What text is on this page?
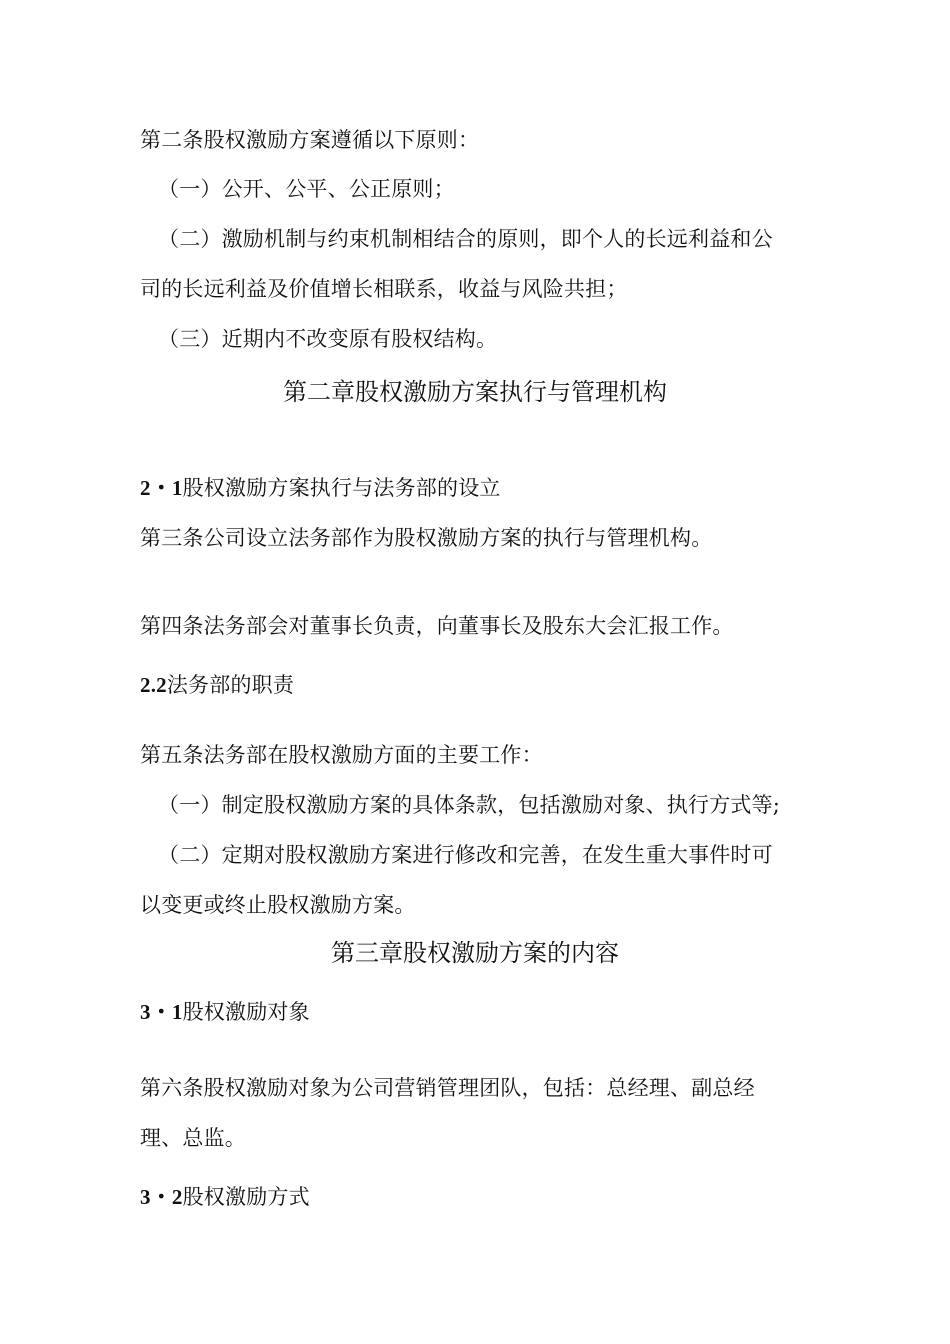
第二条股权激励方案遵循以下原则：
（一）公开、公平、公正原则；
（二）激励机制与约束机制相结合的原则，即个人的长远利益和公
司的长远利益及价值增长相联系，收益与风险共担；
（三）近期内不改变原有股权结构。
第二章股权激励方案执行与管理机构
2・1股权激励方案执行与法务部的设立
第三条公司设立法务部作为股权激励方案的执行与管理机构。
第四条法务部会对董事长负责，向董事长及股东大会汇报工作。
2.2法务部的职责
第五条法务部在股权激励方面的主要工作：
（一）制定股权激励方案的具体条款，包括激励对象、执行方式等;
（二）定期对股权激励方案进行修改和完善，在发生重大事件时可
以变更或终止股权激励方案。
第三章股权激励方案的内容
3・1股权激励对象
第六条股权激励对象为公司营销管理团队，包括：总经理、副总经
理、总监。
3・2股权激励方式
